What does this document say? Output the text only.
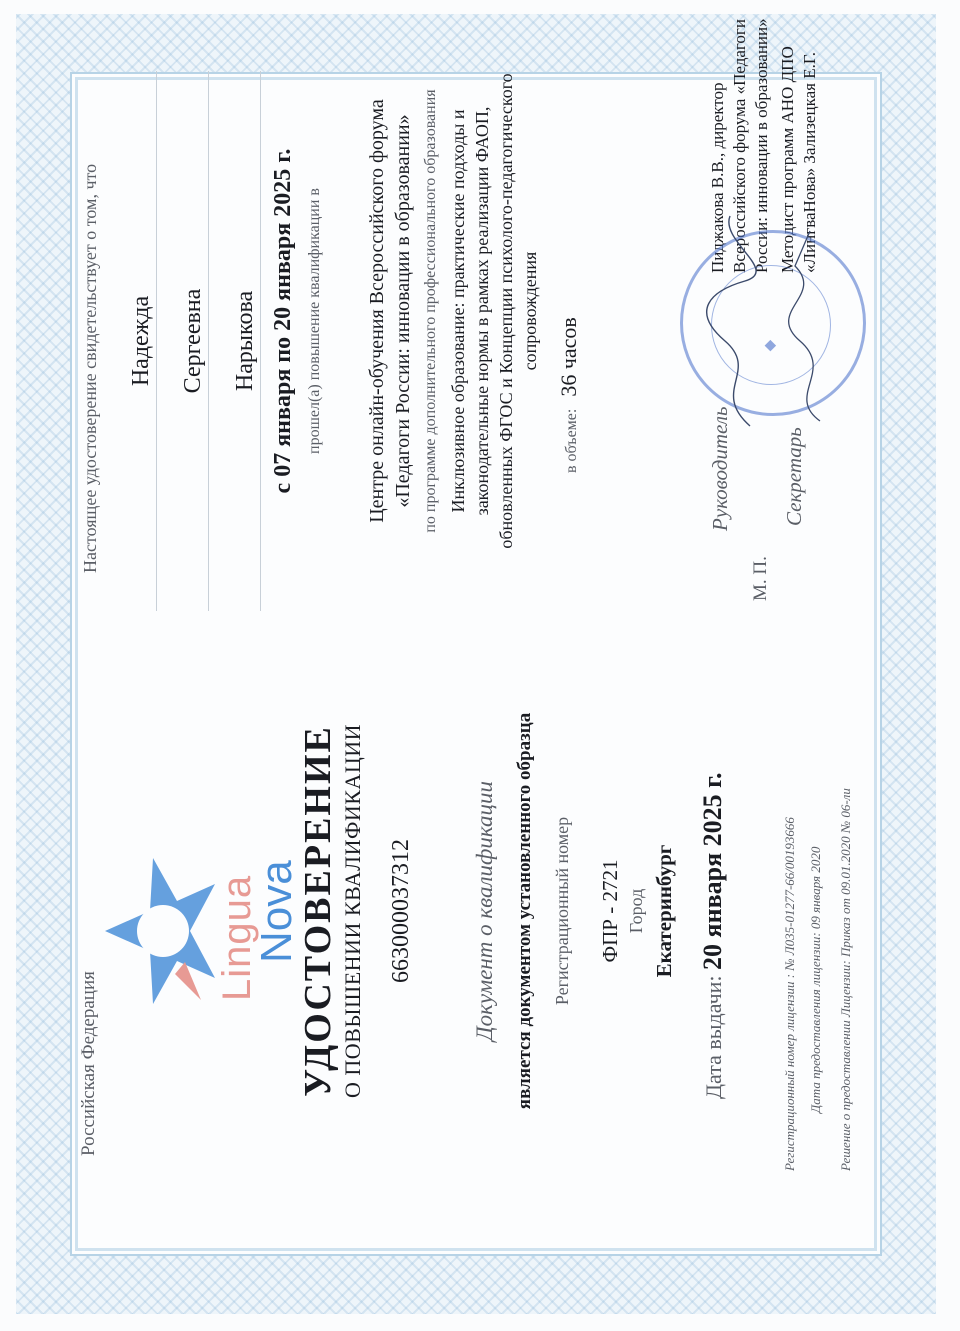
Российская Федерация
Lingua
Nova
УДОСТОВЕРЕНИЕ О ПОВЫШЕНИИ КВАЛИФИКАЦИИ 663000037312	Документ о квалификации является документом установленного образца Регистрационный номер ФПР - 2721 Город Екатеринбург
Дата выдачи: 20 января 2025 г.	Регистрационный номер лицензии : № Л035-01277-66/00193666 Дата предоставления лицензии: 09 января 2020 Решение о предоставлении Лицензии: Приказ от 09.01.2020 № 06-ли
Настоящее удостоверение свидетельствует о том, что Надежда Сергеевна Нарыкова с 07 января по 20 января 2025 г. прошел(а) повышение квалификации в Центре онлайн-обучения Всероссийского форума «Педагоги России: инновации в образовании» по программе дополнительного профессионального образования Инклюзивное образование: практические подходы и законодательные нормы в рамках реализации ФАОП, обновленных ФГОС и Концепции психолого-педагогического сопровождения
в объеме: 36 часов
Руководитель
Пиджакова В.В., директор Всероссийского форума «Педагоги России: инновации в образовании»
М. П.
Секретарь
Методист программ АНО ДПО «ЛингваНова» Зализецкая Е.Г.
◆
